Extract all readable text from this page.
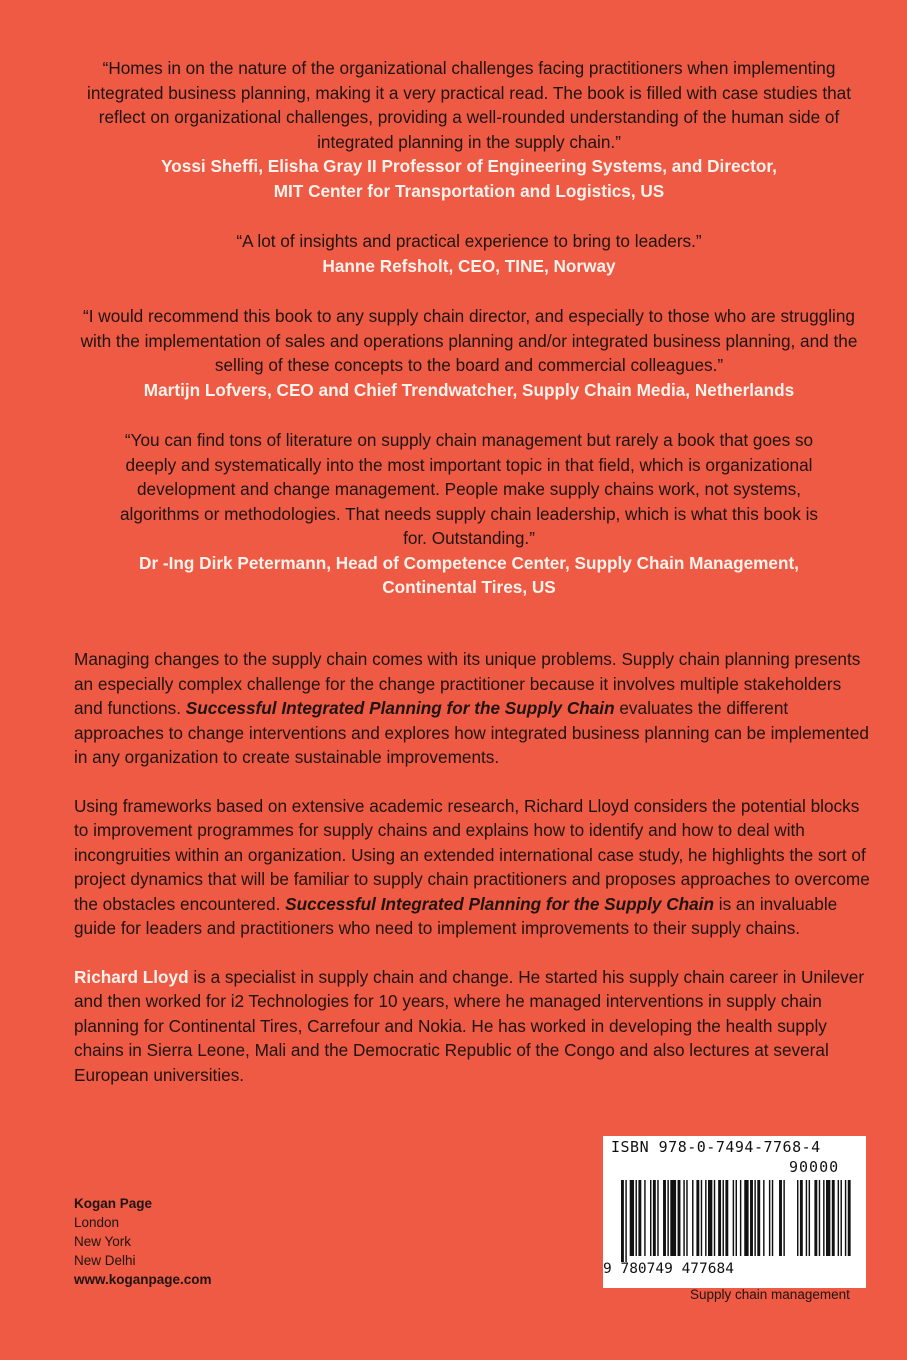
“Homes in on the nature of the organizational challenges facing practitioners when implementing integrated business planning, making it a very practical read. The book is filled with case studies that reflect on organizational challenges, providing a well-rounded understanding of the human side of integrated planning in the supply chain.”

Yossi Sheffi, Elisha Gray II Professor of Engineering Systems, and Director, MIT Center for Transportation and Logistics, US

“A lot of insights and practical experience to bring to leaders.”

Hanne Refsholt, CEO, TINE, Norway

“I would recommend this book to any supply chain director, and especially to those who are struggling with the implementation of sales and operations planning and/or integrated business planning, and the selling of these concepts to the board and commercial colleagues.”

Martijn Lofvers, CEO and Chief Trendwatcher, Supply Chain Media, Netherlands

“You can find tons of literature on supply chain management but rarely a book that goes so deeply and systematically into the most important topic in that field, which is organizational development and change management. People make supply chains work, not systems, algorithms or methodologies. That needs supply chain leadership, which is what this book is for. Outstanding.”

Dr -Ing Dirk Petermann, Head of Competence Center, Supply Chain Management, Continental Tires, US

Managing changes to the supply chain comes with its unique problems. Supply chain planning presents an especially complex challenge for the change practitioner because it involves multiple stakeholders and functions. Successful Integrated Planning for the Supply Chain evaluates the different approaches to change interventions and explores how integrated business planning can be implemented in any organization to create sustainable improvements.

Using frameworks based on extensive academic research, Richard Lloyd considers the potential blocks to improvement programmes for supply chains and explains how to identify and how to deal with incongruities within an organization. Using an extended international case study, he highlights the sort of project dynamics that will be familiar to supply chain practitioners and proposes approaches to overcome the obstacles encountered. Successful Integrated Planning for the Supply Chain is an invaluable guide for leaders and practitioners who need to implement improvements to their supply chains.

Richard Lloyd is a specialist in supply chain and change. He started his supply chain career in Unilever and then worked for i2 Technologies for 10 years, where he managed interventions in supply chain planning for Continental Tires, Carrefour and Nokia. He has worked in developing the health supply chains in Sierra Leone, Mali and the Democratic Republic of the Congo and also lectures at several European universities.

Kogan Page
London
New York
New Delhi
www.koganpage.com
ISBN 978-0-7494-7768-4
90000
9 780749 477684
Supply chain management
